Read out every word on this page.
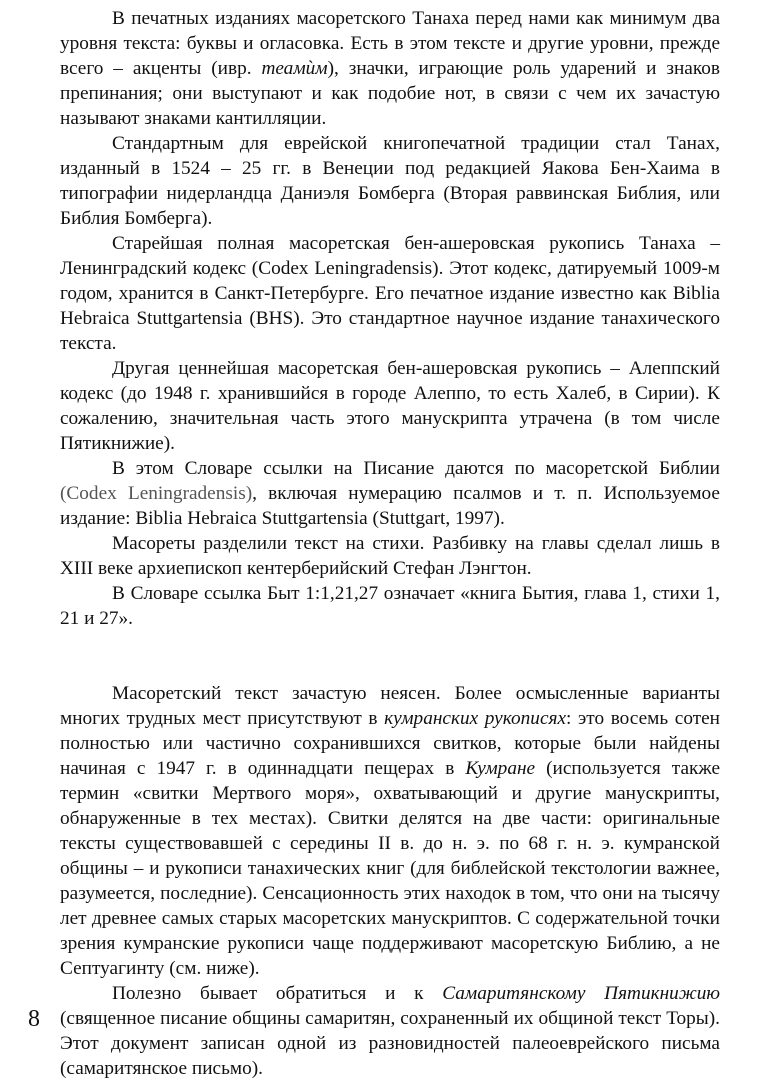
В печатных изданиях масоретского Танаха перед нами как минимум два уровня текста: буквы и огласовка. Есть в этом тексте и другие уровни, прежде всего – акценты (ивр. теамѝм), значки, играющие роль ударений и знаков препинания; они выступают и как подобие нот, в связи с чем их зачастую называют знаками кантилляции.

Стандартным для еврейской книгопечатной традиции стал Танах, изданный в 1524 – 25 гг. в Венеции под редакцией Яакова Бен-Хаима в типографии нидерландца Даниэля Бомберга (Вторая раввинская Библия, или Библия Бомберга).

Старейшая полная масоретская бен-ашеровская рукопись Танаха – Ленинградский кодекс (Codex Leningradensis). Этот кодекс, датируемый 1009-м годом, хранится в Санкт-Петербурге. Его печатное издание известно как Biblia Hebraica Stuttgartensia (BHS). Это стандартное научное издание танахического текста.

Другая ценнейшая масоретская бен-ашеровская рукопись – Алеппский кодекс (до 1948 г. хранившийся в городе Алеппо, то есть Халеб, в Сирии). К сожалению, значительная часть этого манускрипта утрачена (в том числе Пятикнижие).

В этом Словаре ссылки на Писание даются по масоретской Библии (Codex Leningradensis), включая нумерацию псалмов и т. п. Используемое издание: Biblia Hebraica Stuttgartensia (Stuttgart, 1997).

Масореты разделили текст на стихи. Разбивку на главы сделал лишь в XIII веке архиепископ кентерберийский Стефан Лэнгтон.

В Словаре ссылка Быт 1:1,21,27 означает «книга Бытия, глава 1, стихи 1, 21 и 27».

Масоретский текст зачастую неясен. Более осмысленные варианты многих трудных мест присутствуют в кумранских рукописях: это восемь сотен полностью или частично сохранившихся свитков, которые были найдены начиная с 1947 г. в одиннадцати пещерах в Кумране (используется также термин «свитки Мертвого моря», охватывающий и другие мануcкрипты, обнаруженные в тех местах). Свитки делятся на две части: оригинальные тексты существовавшей с середины II в. до н. э. по 68 г. н. э. кумранской общины – и рукописи танахических книг (для библейской текстологии важнее, разумеется, последние). Сенсационность этих находок в том, что они на тысячу лет древнее самых старых масоретских манускриптов. С содержательной точки зрения кумранские рукописи чаще поддерживают масоретскую Библию, а не Септуагинту (см. ниже).

Полезно бывает обратиться и к Самаритянскому Пятикнижию (священное писание общины самаритян, сохраненный их общиной текст Торы). Этот документ записан одной из разновидностей палеоеврейского письма (самаритянское письмо).

8
